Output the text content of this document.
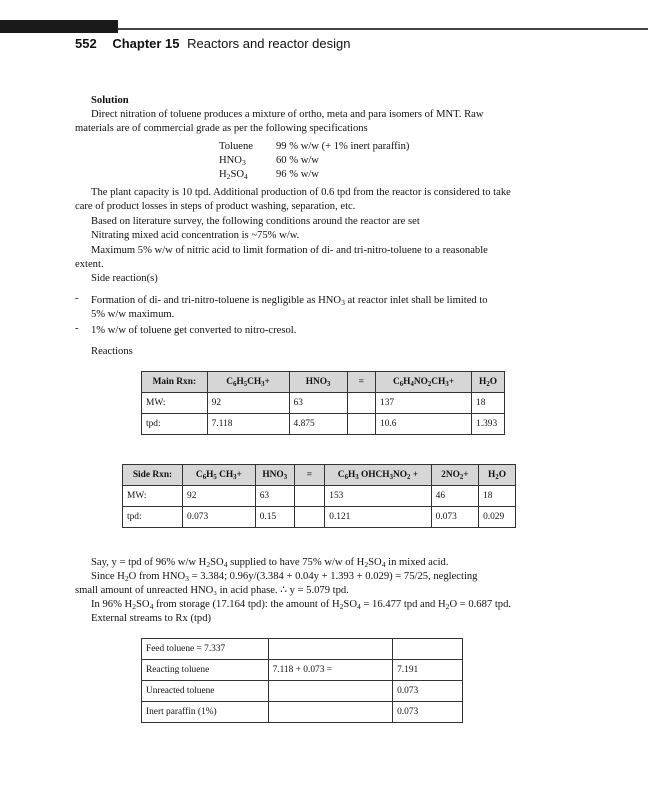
552 Chapter 15 Reactors and reactor design
Solution
Direct nitration of toluene produces a mixture of ortho, meta and para isomers of MNT. Raw
materials are of commercial grade as per the following specifications
Toluene 99 % w/w (+ 1% inert paraffin)
$HNO_3$	60 % w/w
$H_2SO_4$	96 % w/w
The plant capacity is 10 tpd. Additional production of 0.6 tpd from the reactor is considered to take
care of product losses in steps of product washing, separation, etc.
Based on literature survey, the following conditions around the reactor are set
Nitrating mixed acid concentration is ~75% w/w.
Maximum 5% w/w of nitric acid to limit formation of di- and tri-nitro-toluene to a reasonable
extent.
Side reaction(s)
- Formation of di- and tri-nitro-toluene is negligible as $HNO_3$ at reactor inlet shall be limited to
5% w/w maximum.
- 1% w/w of toluene get converted to nitro-cresol.
Reactions
Main Rxn:	$C_6H_5CH_3+$	$HNO_3$	=	$C_6H_4NO_2CH_3+$	$H_2O$
MW:	92	63		137	18
tpd:	7.118	4.875		10.6	1.393
Side Rxn:	$C_6H_5$ $CH_3+$	$HNO_3$	=	$C_6H_3$ $OHCH_3NO_2$ +	$2NO_2+$	$H_2O$
MW:	92	63		153	46	18
tpd:	0.073	0.15		0.121	0.073	0.029
Say, y = tpd of 96% w/w $H_2SO_4$ supplied to have 75% w/w of $H_2SO_4$ in mixed acid.
Since $H_2O$ from $HNO_3 = 3.384$; 0.96y/(3.384 + 0.04y + 1.393 + 0.029) = 75/25, neglecting
small amount of unreacted HNO₃ in acid phase. ∴ y = 5.079 tpd.
In 96% $H_2SO_4$ from storage (17.164 tpd): the amount of $H_2SO_4 = 16.477$ tpd and $H_2O = 0.687$ tpd.
External streams to Rx (tpd)
Feed toluene = 7.337		
Reacting toluene	7.118 + 0.073 =	7.191
Unreacted toluene		0.073
Inert paraffin (1%)		0.073
